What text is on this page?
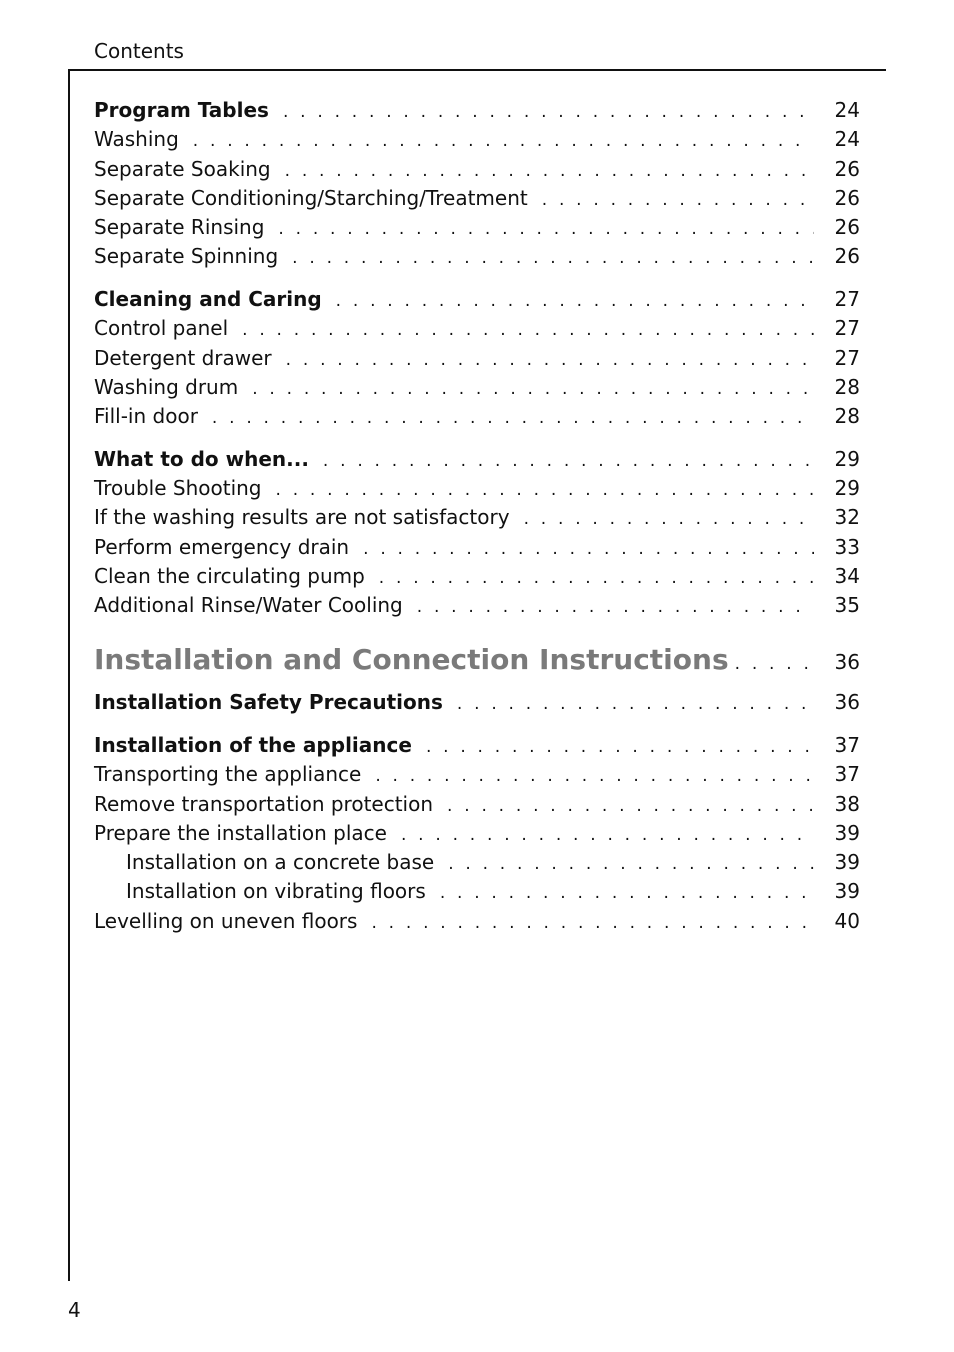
Contents
Program Tables . . .	24
Washing . . .	24
Separate Soaking . . .	26
Separate Conditioning/Starching/Treatment . . .	26
Separate Rinsing . . .	26
Separate Spinning . . .	26
Cleaning and Caring . . .	27
Control panel . . .	27
Detergent drawer . . .	27
Washing drum . . .	28
Fill-in door . . .	28
What to do when... . . .	29
Trouble Shooting . . .	29
If the washing results are not satisfactory . . .	32
Perform emergency drain . . .	33
Clean the circulating pump . . .	34
Additional Rinse/Water Cooling . . .	35
Installation and Connection Instructions . . .	36
Installation Safety Precautions . . .	36
Installation of the appliance . . .	37
Transporting the appliance . . .	37
Remove transportation protection . . .	38
Prepare the installation place . . .	39
Installation on a concrete base . . .	39
Installation on vibrating floors . . .	39
Levelling on uneven floors . . .	40
4
